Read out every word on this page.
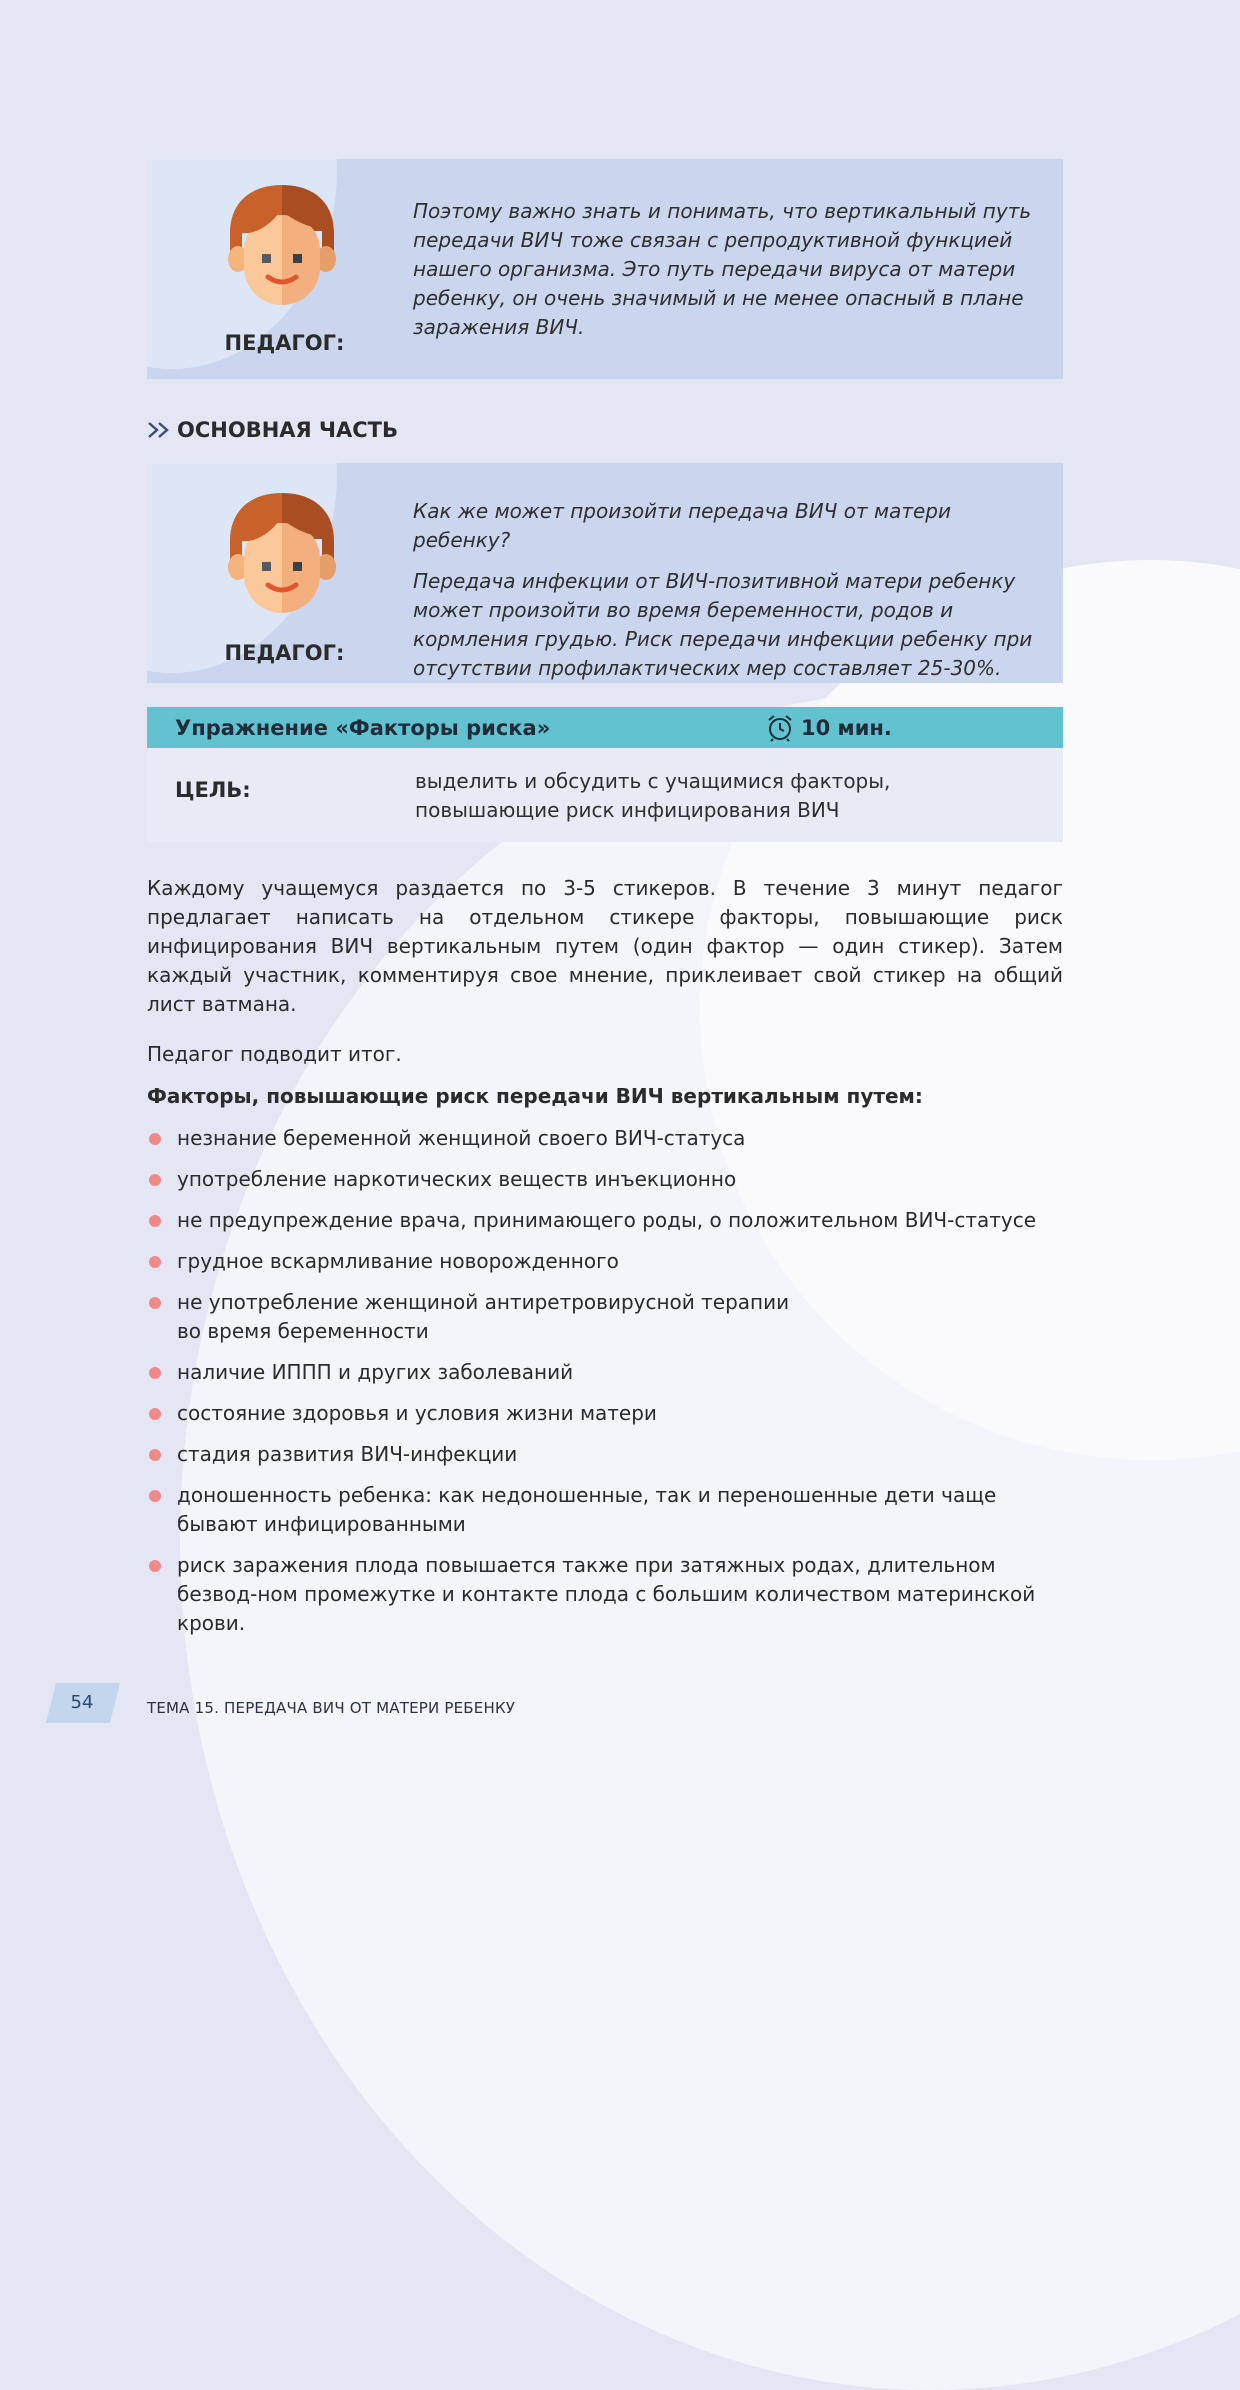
ПЕДАГОГ:

Поэтому важно знать и понимать, что вертикальный путь передачи ВИЧ тоже связан с репродуктивной функцией нашего организма. Это путь передачи вируса от матери ребенку, он очень значимый и не менее опасный в плане заражения ВИЧ.

ОСНОВНАЯ ЧАСТЬ
ПЕДАГОГ:

Как же может произойти передача ВИЧ от матери ребенку?

Передача инфекции от ВИЧ-позитивной матери ребенку может произойти во время беременности, родов и кормления грудью. Риск передачи инфекции ребенку при отсутствии профилактических мер составляет 25-30%.

Упражнение «Факторы риска»	10 мин.
ЦЕЛЬ:	выделить и обсудить с учащимися факторы, повышающие риск инфицирования ВИЧ
Каждому учащемуся раздается по 3-5 стикеров. В течение 3 минут педагог предлагает написать на отдельном стикере факторы, повышающие риск инфицирования ВИЧ вертикальным путем (один фактор — один стикер). Затем каждый участник, комментируя свое мнение, приклеивает свой стикер на общий лист ватмана.
Педагог подводит итог.
Факторы, повышающие риск передачи ВИЧ вертикальным путем:
незнание беременной женщиной своего ВИЧ-статуса
употребление наркотических веществ инъекционно
не предупреждение врача, принимающего роды, о положительном ВИЧ-статусе
грудное вскармливание новорожденного
не употребление женщиной антиретровирусной терапии во время беременности
наличие ИППП и других заболеваний
состояние здоровья и условия жизни матери
стадия развития ВИЧ-инфекции
доношенность ребенка: как недоношенные, так и переношенные дети чаще бывают инфицированными
риск заражения плода повышается также при затяжных родах, длительном безвод-ном промежутке и контакте плода с большим количеством материнской крови.
54	ТЕМА 15. ПЕРЕДАЧА ВИЧ ОТ МАТЕРИ РЕБЕНКУ
